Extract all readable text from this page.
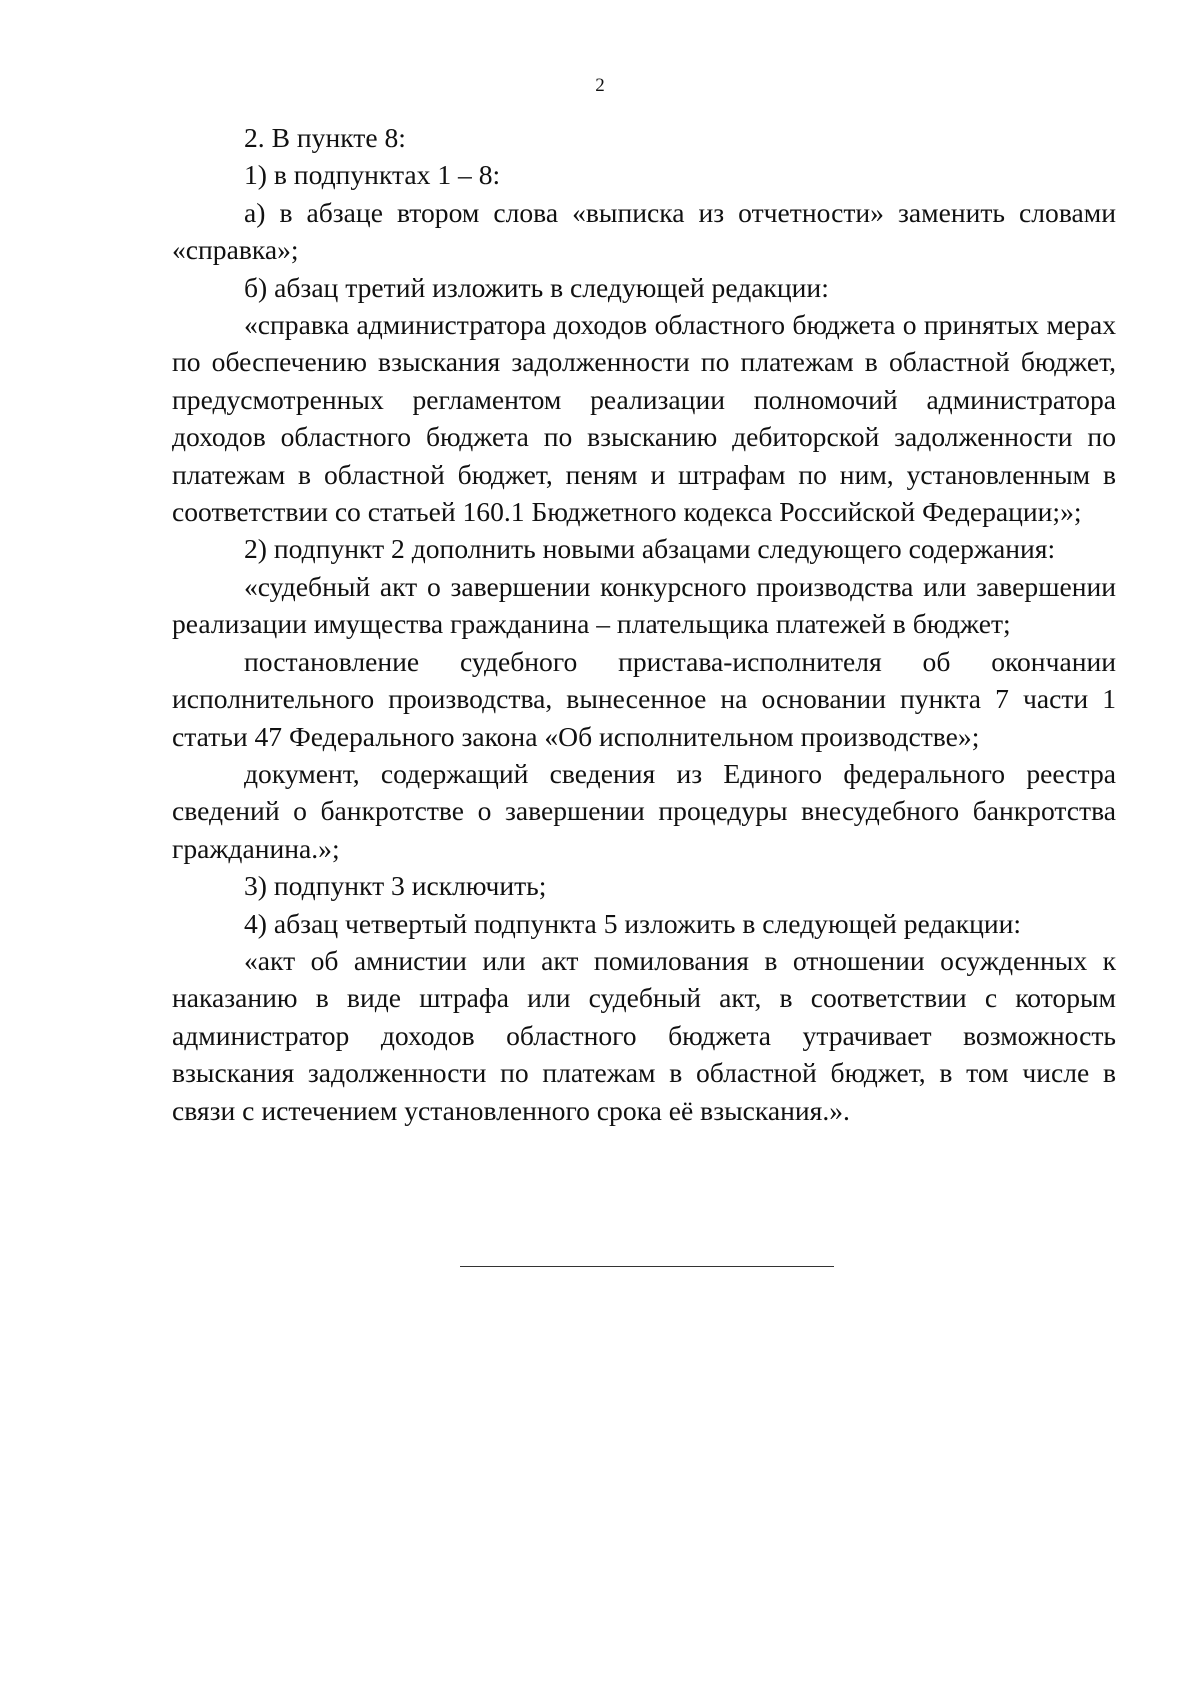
2

2. В пункте 8:

1) в подпунктах 1 – 8:

а) в абзаце втором слова «выписка из отчетности» заменить словами «справка»;

б) абзац третий изложить в следующей редакции:

«справка администратора доходов областного бюджета о принятых мерах по обеспечению взыскания задолженности по платежам в областной бюджет, предусмотренных регламентом реализации полномочий администратора доходов областного бюджета по взысканию дебиторской задолженности по платежам в областной бюджет, пеням и штрафам по ним, установленным в соответствии со статьей 160.1 Бюджетного кодекса Российской Федерации;»;

2) подпункт 2 дополнить новыми абзацами следующего содержания:

«судебный акт о завершении конкурсного производства или завершении реализации имущества гражданина – плательщика платежей в бюджет;

постановление судебного пристава-исполнителя об окончании исполнительного производства, вынесенное на основании пункта 7 части 1 статьи 47 Федерального закона «Об исполнительном производстве»;

документ, содержащий сведения из Единого федерального реестра сведений о банкротстве о завершении процедуры внесудебного банкротства гражданина.»;

3) подпункт 3 исключить;

4) абзац четвертый подпункта 5 изложить в следующей редакции:

«акт об амнистии или акт помилования в отношении осужденных к наказанию в виде штрафа или судебный акт, в соответствии с которым администратор доходов областного бюджета утрачивает возможность взыскания задолженности по платежам в областной бюджет, в том числе в связи с истечением установленного срока её взыскания.».
